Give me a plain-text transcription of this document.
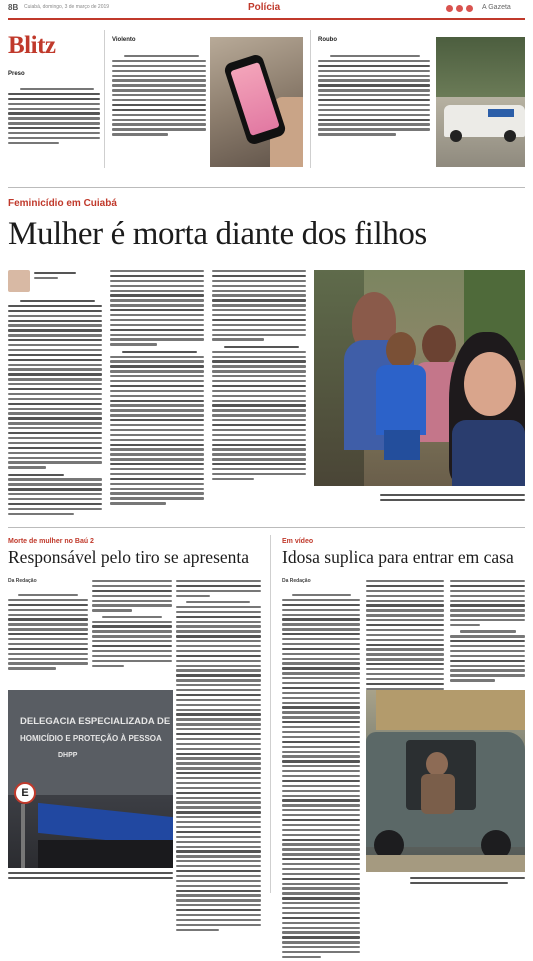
8B Cuiabá, domingo, 3 de março de 2019	Polícia	A Gazeta
Blitz
Preso
Violento	Roubo
Feminicídio em Cuiabá
Mulher é morta diante dos filhos
Morte de mulher no Baú 2
Responsável pelo tiro se apresenta
Da Redação
DELEGACIA ESPECIALIZADA DE
HOMICÍDIO E PROTEÇÃO À PESSOA
DHPP
E
Em vídeo
Idosa suplica para entrar em casa
Da Redação
